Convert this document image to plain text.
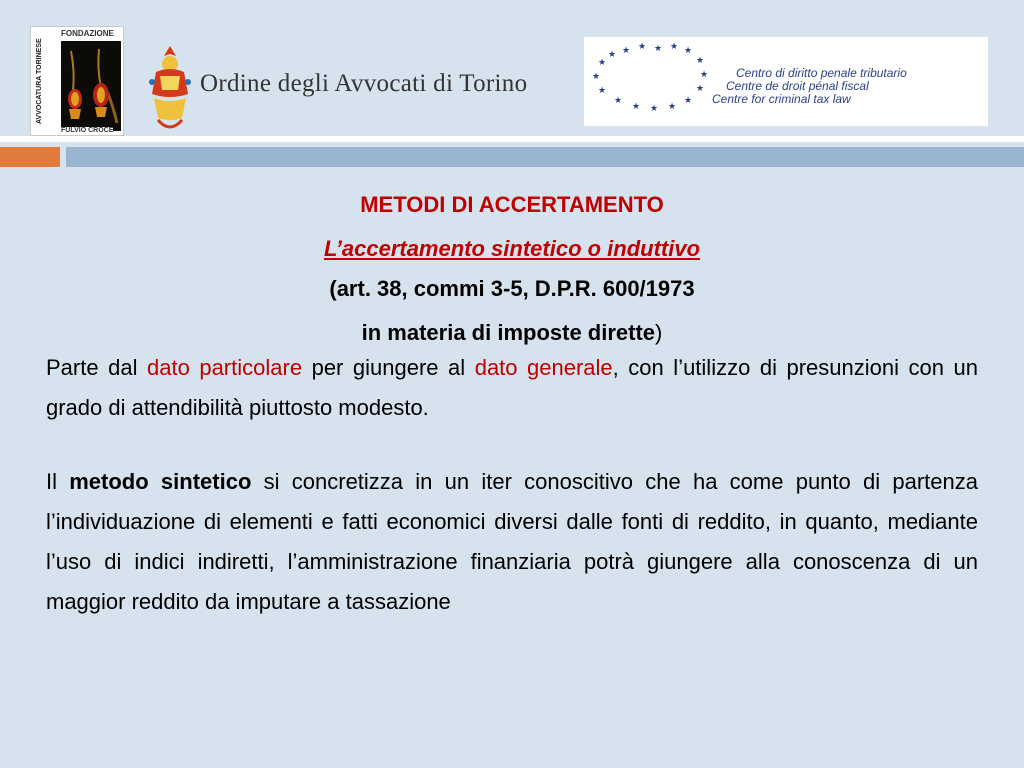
AVVOCATURA TORINESE
FONDAZIONE
FULVIO CROCE
Ordine degli Avvocati di Torino
★ ★ ★ ★ ★
★
★
★
★
★
★
★
★
★
★
★
★
Centro di diritto penale tributario
Centre de droit pénal fiscal
Centre for criminal tax law
METODI DI ACCERTAMENTO
L’accertamento sintetico o induttivo
(art. 38, commi 3-5, D.P.R. 600/1973
in materia di imposte dirette)
Parte dal dato particolare per giungere al dato generale, con l’utilizzo di presunzioni con un grado di attendibilità piuttosto modesto.
Il metodo sintetico si concretizza in un iter conoscitivo che ha come punto di partenza l’individuazione di elementi e fatti economici diversi dalle fonti di reddito, in quanto, mediante l’uso di indici indiretti, l’amministrazione finanziaria potrà giungere alla conoscenza di un maggior reddito da imputare a tassazione
